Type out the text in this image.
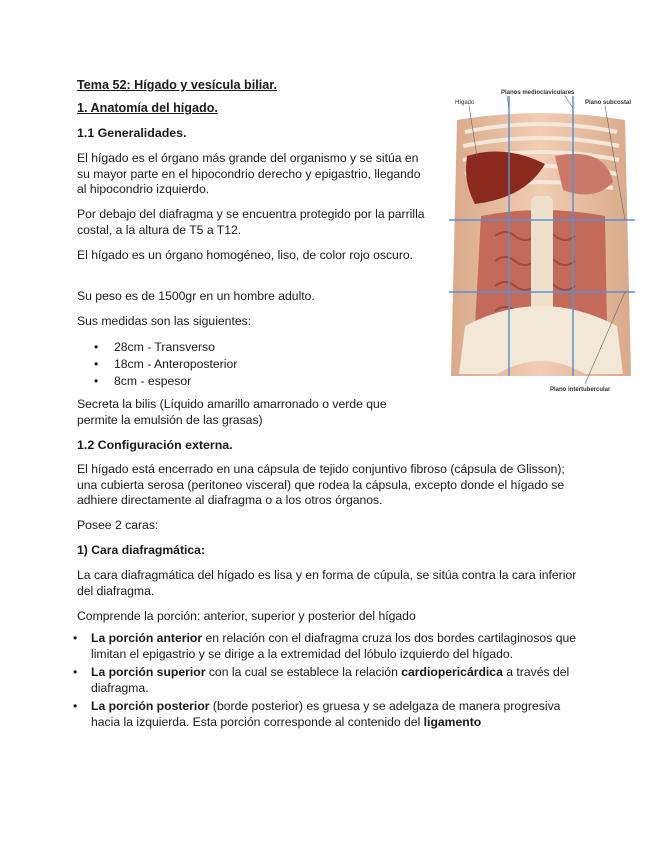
Tema 52: Hígado y vesícula biliar.
1. Anatomía del hígado.
1.1 Generalidades.
El hígado es el órgano más grande del organismo y se sitúa en su mayor parte en el hipocondrio derecho y epigastrio, llegando al hipocondrio izquierdo.
Por debajo del diafragma y se encuentra protegido por la parrilla costal, a la altura de T5 a T12.
El hígado es un órgano homogéneo, liso, de color rojo oscuro.
Su peso es de 1500gr en un hombre adulto.
Sus medidas son las siguientes:
• 28cm - Transverso
• 18cm - Anteroposterior
• 8cm - espesor
Secreta la bilis (Líquido amarillo amarronado o verde que permite la emulsión de las grasas)
1.2 Configuración externa.
El hígado está encerrado en una cápsula de tejido conjuntivo fibroso (cápsula de Glisson); una cubierta serosa (peritoneo visceral) que rodea la cápsula, excepto donde el hígado se adhiere directamente al diafragma o a los otros órganos.
Posee 2 caras:
1) Cara diafragmática:
La cara diafragmática del hígado es lisa y en forma de cúpula, se sitúa contra la cara inferior del diafragma.
Comprende la porción: anterior, superior y posterior del hígado
• La porción anterior en relación con el diafragma cruza los dos bordes cartilaginosos que limitan el epigastrio y se dirige a la extremidad del lóbulo izquierdo del hígado.
• La porción superior con la cual se establece la relación cardiopericárdica a través del diafragma.
• La porción posterior (borde posterior) es gruesa y se adelgaza de manera progresiva hacia la izquierda. Esta porción corresponde al contenido del ligamento
Planos medioclaviculares
Hígado	Plano subcostal
Plano intertubercular
